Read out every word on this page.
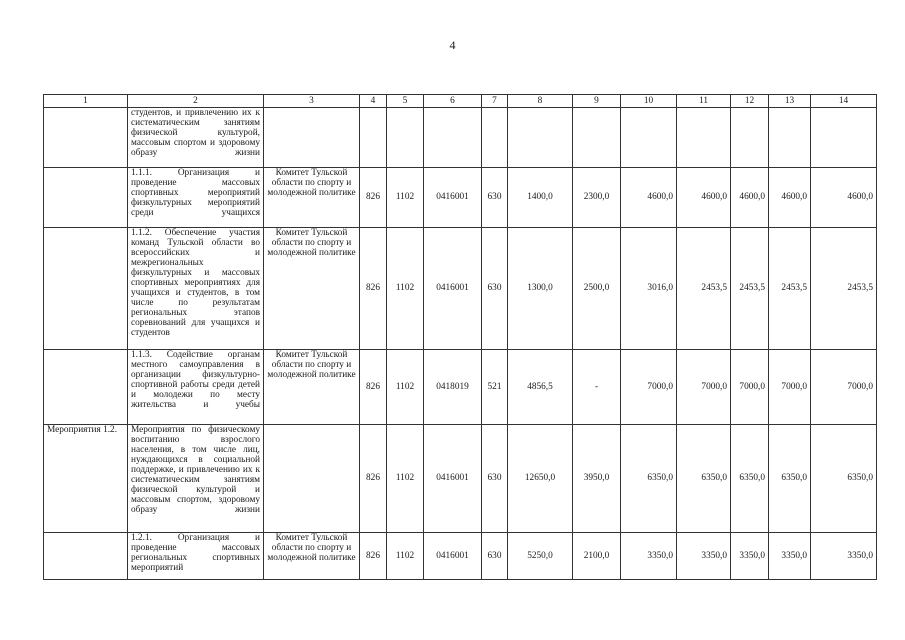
4
1	2	3	4	5	6	7	8	9	10	11	12	13	14
	студентов, и привлечению их к систематическим занятиям физической культурой, массовым спортом и здоровому образу жизни												
	1.1.1. Организация и проведение массовых спортивных мероприятий физкультурных мероприятий среди учащихся	Комитет Тульской области по спорту и молодежной политике	826	1102	0416001	630	1400,0	2300,0	4600,0	4600,0	4600,0	4600,0	4600,0
	1.1.2. Обеспечение участия команд Тульской области во всероссийских и межрегиональных физкультурных и массовых спортивных мероприятиях для учащихся и студентов, в том числе по результатам региональных этапов соревнований для учащихся и студентов	Комитет Тульской области по спорту и молодежной политике	826	1102	0416001	630	1300,0	2500,0	3016,0	2453,5	2453,5	2453,5	2453,5
	1.1.3. Содействие органам местного самоуправления в организации физкультурно-спортивной работы среди детей и молодежи по месту жительства и учебы	Комитет Тульской области по спорту и молодежной политике	826	1102	0418019	521	4856,5	-	7000,0	7000,0	7000,0	7000,0	7000,0
Мероприятия 1.2.	Мероприятия по физическому воспитанию взрослого населения, в том числе лиц, нуждающихся в социальной поддержке, и привлечению их к систематическим занятиям физической культурой и массовым спортом, здоровому образу жизни		826	1102	0416001	630	12650,0	3950,0	6350,0	6350,0	6350,0	6350,0	6350,0
	1.2.1. Организация и проведение массовых региональных спортивных мероприятий	Комитет Тульской области по спорту и молодежной политике	826	1102	0416001	630	5250,0	2100,0	3350,0	3350,0	3350,0	3350,0	3350,0
